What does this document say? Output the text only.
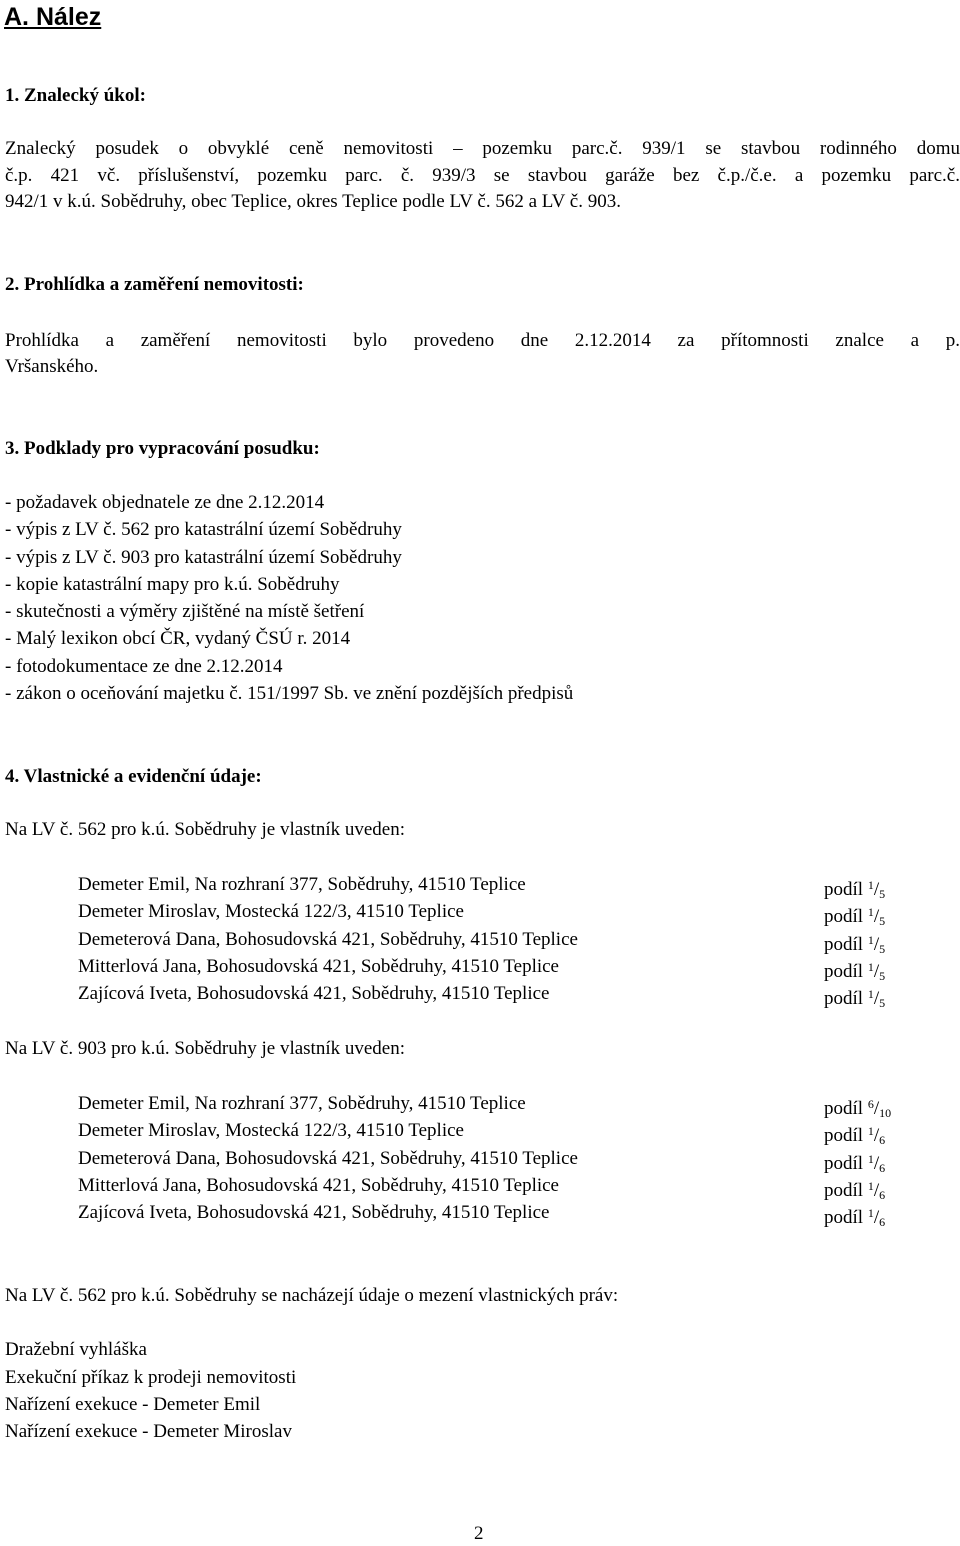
A. Nález
1. Znalecký úkol:
Znalecký posudek o obvyklé ceně nemovitosti – pozemku parc.č. 939/1 se stavbou rodinného domu
č.p. 421 vč. příslušenství, pozemku parc. č. 939/3 se stavbou garáže bez č.p./č.e. a pozemku parc.č.
942/1 v k.ú. Sobědruhy, obec Teplice, okres Teplice podle LV č. 562 a LV č. 903.
2. Prohlídka a zaměření nemovitosti:
Prohlídka a zaměření nemovitosti bylo provedeno dne 2.12.2014 za přítomnosti znalce a p.
Vršanského.
3. Podklady pro vypracování posudku:
- požadavek objednatele ze dne 2.12.2014
- výpis z LV č. 562 pro katastrální území Sobědruhy
- výpis z LV č. 903 pro katastrální území Sobědruhy
- kopie katastrální mapy pro k.ú. Sobědruhy
- skutečnosti a výměry zjištěné na místě šetření
- Malý lexikon obcí ČR, vydaný ČSÚ r. 2014
- fotodokumentace ze dne 2.12.2014
- zákon o oceňování majetku č. 151/1997 Sb. ve znění pozdějších předpisů
4. Vlastnické a evidenční údaje:
Na LV č. 562 pro k.ú. Sobědruhy je vlastník uveden:
Demeter Emil, Na rozhraní 377, Sobědruhy, 41510 Teplice	podíl $^1/_5$
Demeter Miroslav, Mostecká 122/3, 41510 Teplice	podíl $^1/_5$
Demeterová Dana, Bohosudovská 421, Sobědruhy, 41510 Teplice	podíl $^1/_5$
Mitterlová Jana, Bohosudovská 421, Sobědruhy, 41510 Teplice	podíl $^1/_5$
Zajícová Iveta, Bohosudovská 421, Sobědruhy, 41510 Teplice	podíl $^1/_5$
Na LV č. 903 pro k.ú. Sobědruhy je vlastník uveden:
Demeter Emil, Na rozhraní 377, Sobědruhy, 41510 Teplice	podíl $^6/_{10}$
Demeter Miroslav, Mostecká 122/3, 41510 Teplice	podíl $^1/_6$
Demeterová Dana, Bohosudovská 421, Sobědruhy, 41510 Teplice	podíl $^1/_6$
Mitterlová Jana, Bohosudovská 421, Sobědruhy, 41510 Teplice	podíl $^1/_6$
Zajícová Iveta, Bohosudovská 421, Sobědruhy, 41510 Teplice	podíl $^1/_6$
Na LV č. 562 pro k.ú. Sobědruhy se nacházejí údaje o mezení vlastnických práv:
Dražební vyhláška
Exekuční příkaz k prodeji nemovitosti
Nařízení exekuce - Demeter Emil
Nařízení exekuce - Demeter Miroslav
2
